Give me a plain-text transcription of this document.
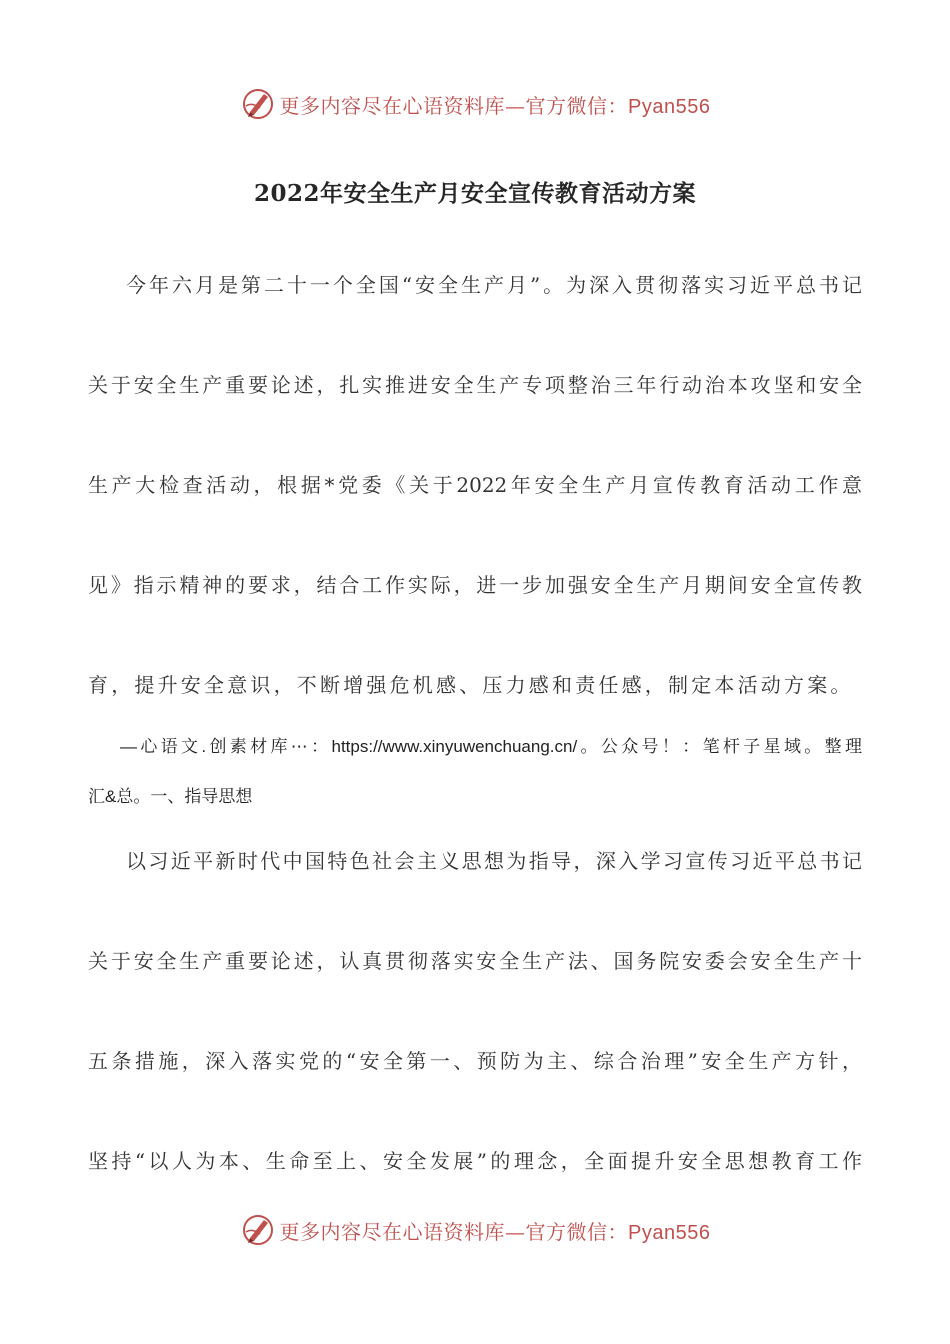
更多内容尽在心语资料库—官方微信：Pyan556
2022年安全生产月安全宣传教育活动方案
今年六月是第二十一个全国“安全生产月”。为深入贯彻落实习近平总书记
关于安全生产重要论述，扎实推进安全生产专项整治三年行动治本攻坚和安全
生产大检查活动，根据*党委《关于2022年安全生产月宣传教育活动工作意
见》指示精神的要求，结合工作实际，进一步加强安全生产月期间安全宣传教
育，提升安全意识，不断增强危机感、压力感和责任感，制定本活动方案。
—心语文.创素材库⋯：https://www.xinyuwenchuang.cn/。公众号！：笔杆子星域。整理
汇&总。一、指导思想
以习近平新时代中国特色社会主义思想为指导，深入学习宣传习近平总书记
关于安全生产重要论述，认真贯彻落实安全生产法、国务院安委会安全生产十
五条措施，深入落实党的“安全第一、预防为主、综合治理”安全生产方针，
坚持“以人为本、生命至上、安全发展”的理念，全面提升安全思想教育工作
更多内容尽在心语资料库—官方微信：Pyan556
